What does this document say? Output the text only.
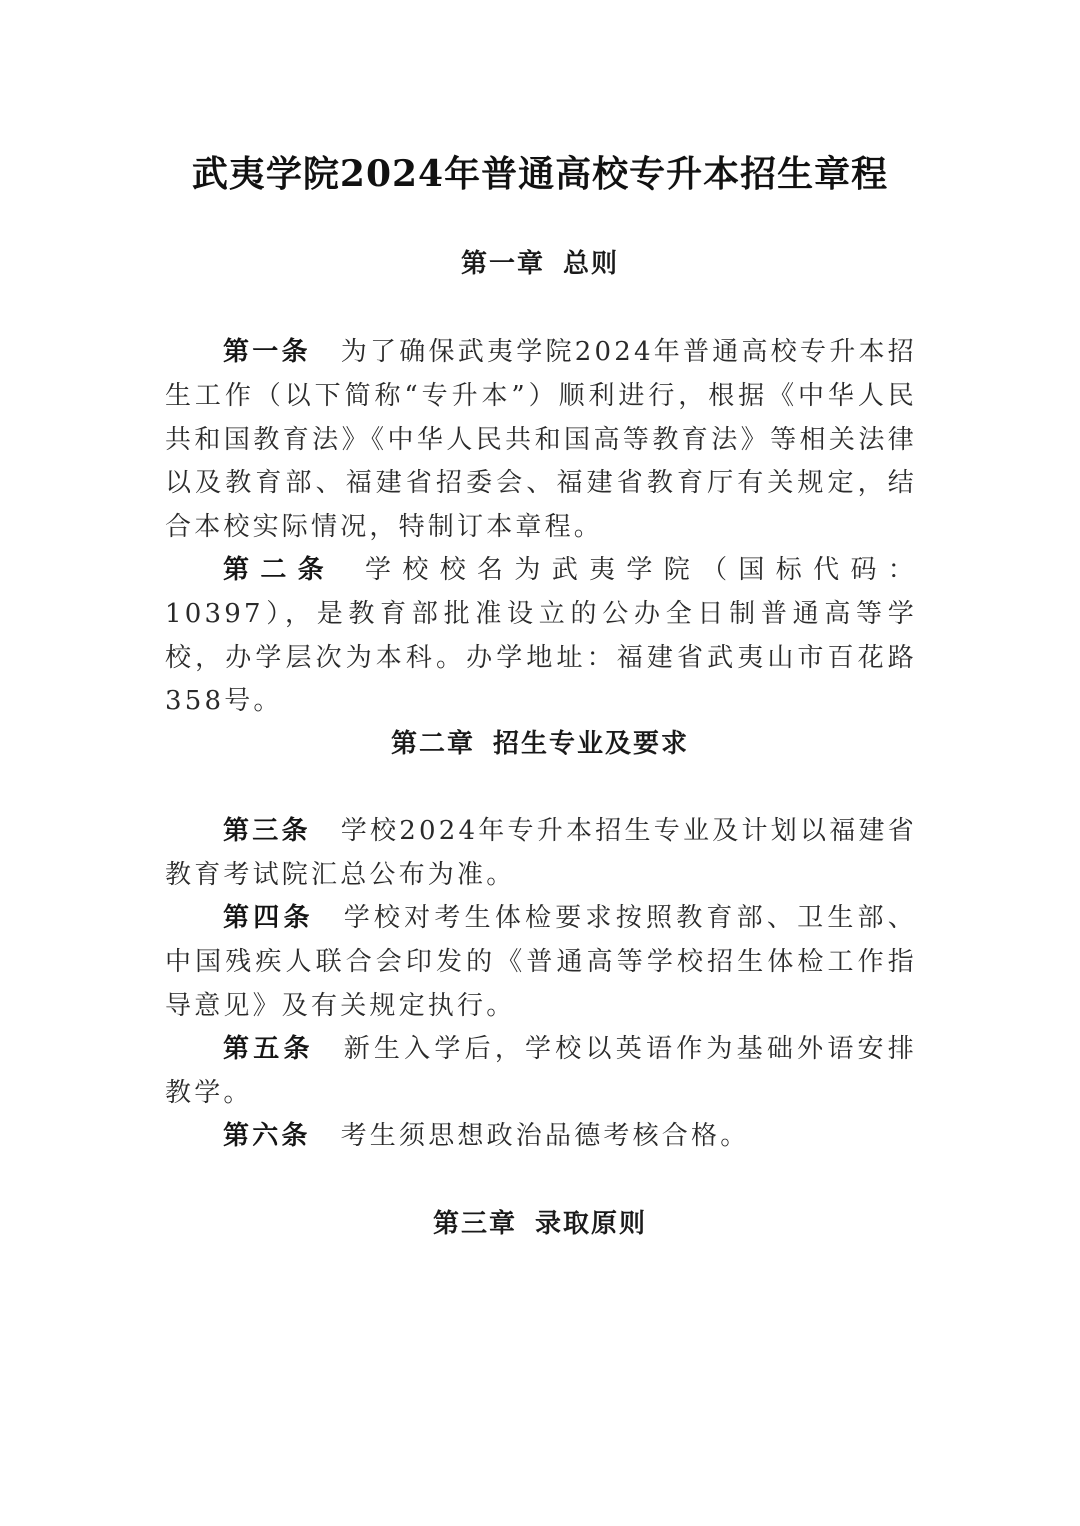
武夷学院2024年普通高校专升本招生章程
第一章 总则

第一条 为了确保武夷学院2024年普通高校专升本招生工作（以下简称“专升本”）顺利进行，根据《中华人民共和国教育法》《中华人民共和国高等教育法》等相关法律以及教育部、福建省招委会、福建省教育厅有关规定，结合本校实际情况，特制订本章程。

第二条 学校校名为武夷学院（国标代码：10397），是教育部批准设立的公办全日制普通高等学校，办学层次为本科。办学地址：福建省武夷山市百花路358号。

第二章 招生专业及要求

第三条 学校2024年专升本招生专业及计划以福建省教育考试院汇总公布为准。

第四条 学校对考生体检要求按照教育部、卫生部、中国残疾人联合会印发的《普通高等学校招生体检工作指导意见》及有关规定执行。

第五条 新生入学后，学校以英语作为基础外语安排教学。

第六条 考生须思想政治品德考核合格。

第三章 录取原则
